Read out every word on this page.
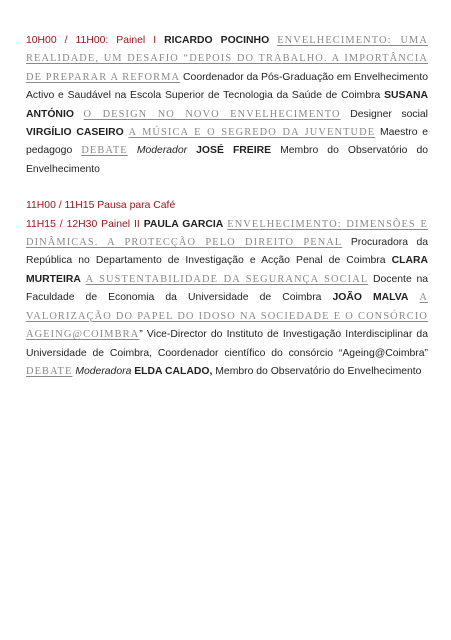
10H00 / 11H00: Painel I RICARDO POCINHO ENVELHECIMENTO: UMA REALIDADE, UM DESAFIO “DEPOIS DO TRABALHO. A IMPORTÂNCIA DE PREPARAR A REFORMA Coordenador da Pós-Graduação em Envelhecimento Activo e Saudável na Escola Superior de Tecnologia da Saúde de Coimbra SUSANA ANTÓNIO O DESIGN NO NOVO ENVELHECIMENTO Designer social VIRGÍLIO CASEIRO A MÚSICA E O SEGREDO DA JUVENTUDE Maestro e pedagogo DEBATE Moderador JOSÉ FREIRE Membro do Observatório do Envelhecimento

11H00 / 11H15 Pausa para Café

11H15 / 12H30 Painel II PAULA GARCIA ENVELHECIMENTO: DIMENSÕES E DINÂMICAS. A PROTECÇÃO PELO DIREITO PENAL Procuradora da República no Departamento de Investigação e Acção Penal de Coimbra CLARA MURTEIRA A SUSTENTABILIDADE DA SEGURANÇA SOCIAL Docente na Faculdade de Economia da Universidade de Coimbra JOÃO MALVA A VALORIZAÇÃO DO PAPEL DO IDOSO NA SOCIEDADE E O CONSÓRCIO AGEING@COIMBRA” Vice-Director do Instituto de Investigação Interdisciplinar da Universidade de Coimbra, Coordenador científico do consórcio “Ageing@Coimbra” DEBATE Moderadora ELDA CALADO, Membro do Observatório do Envelhecimento
